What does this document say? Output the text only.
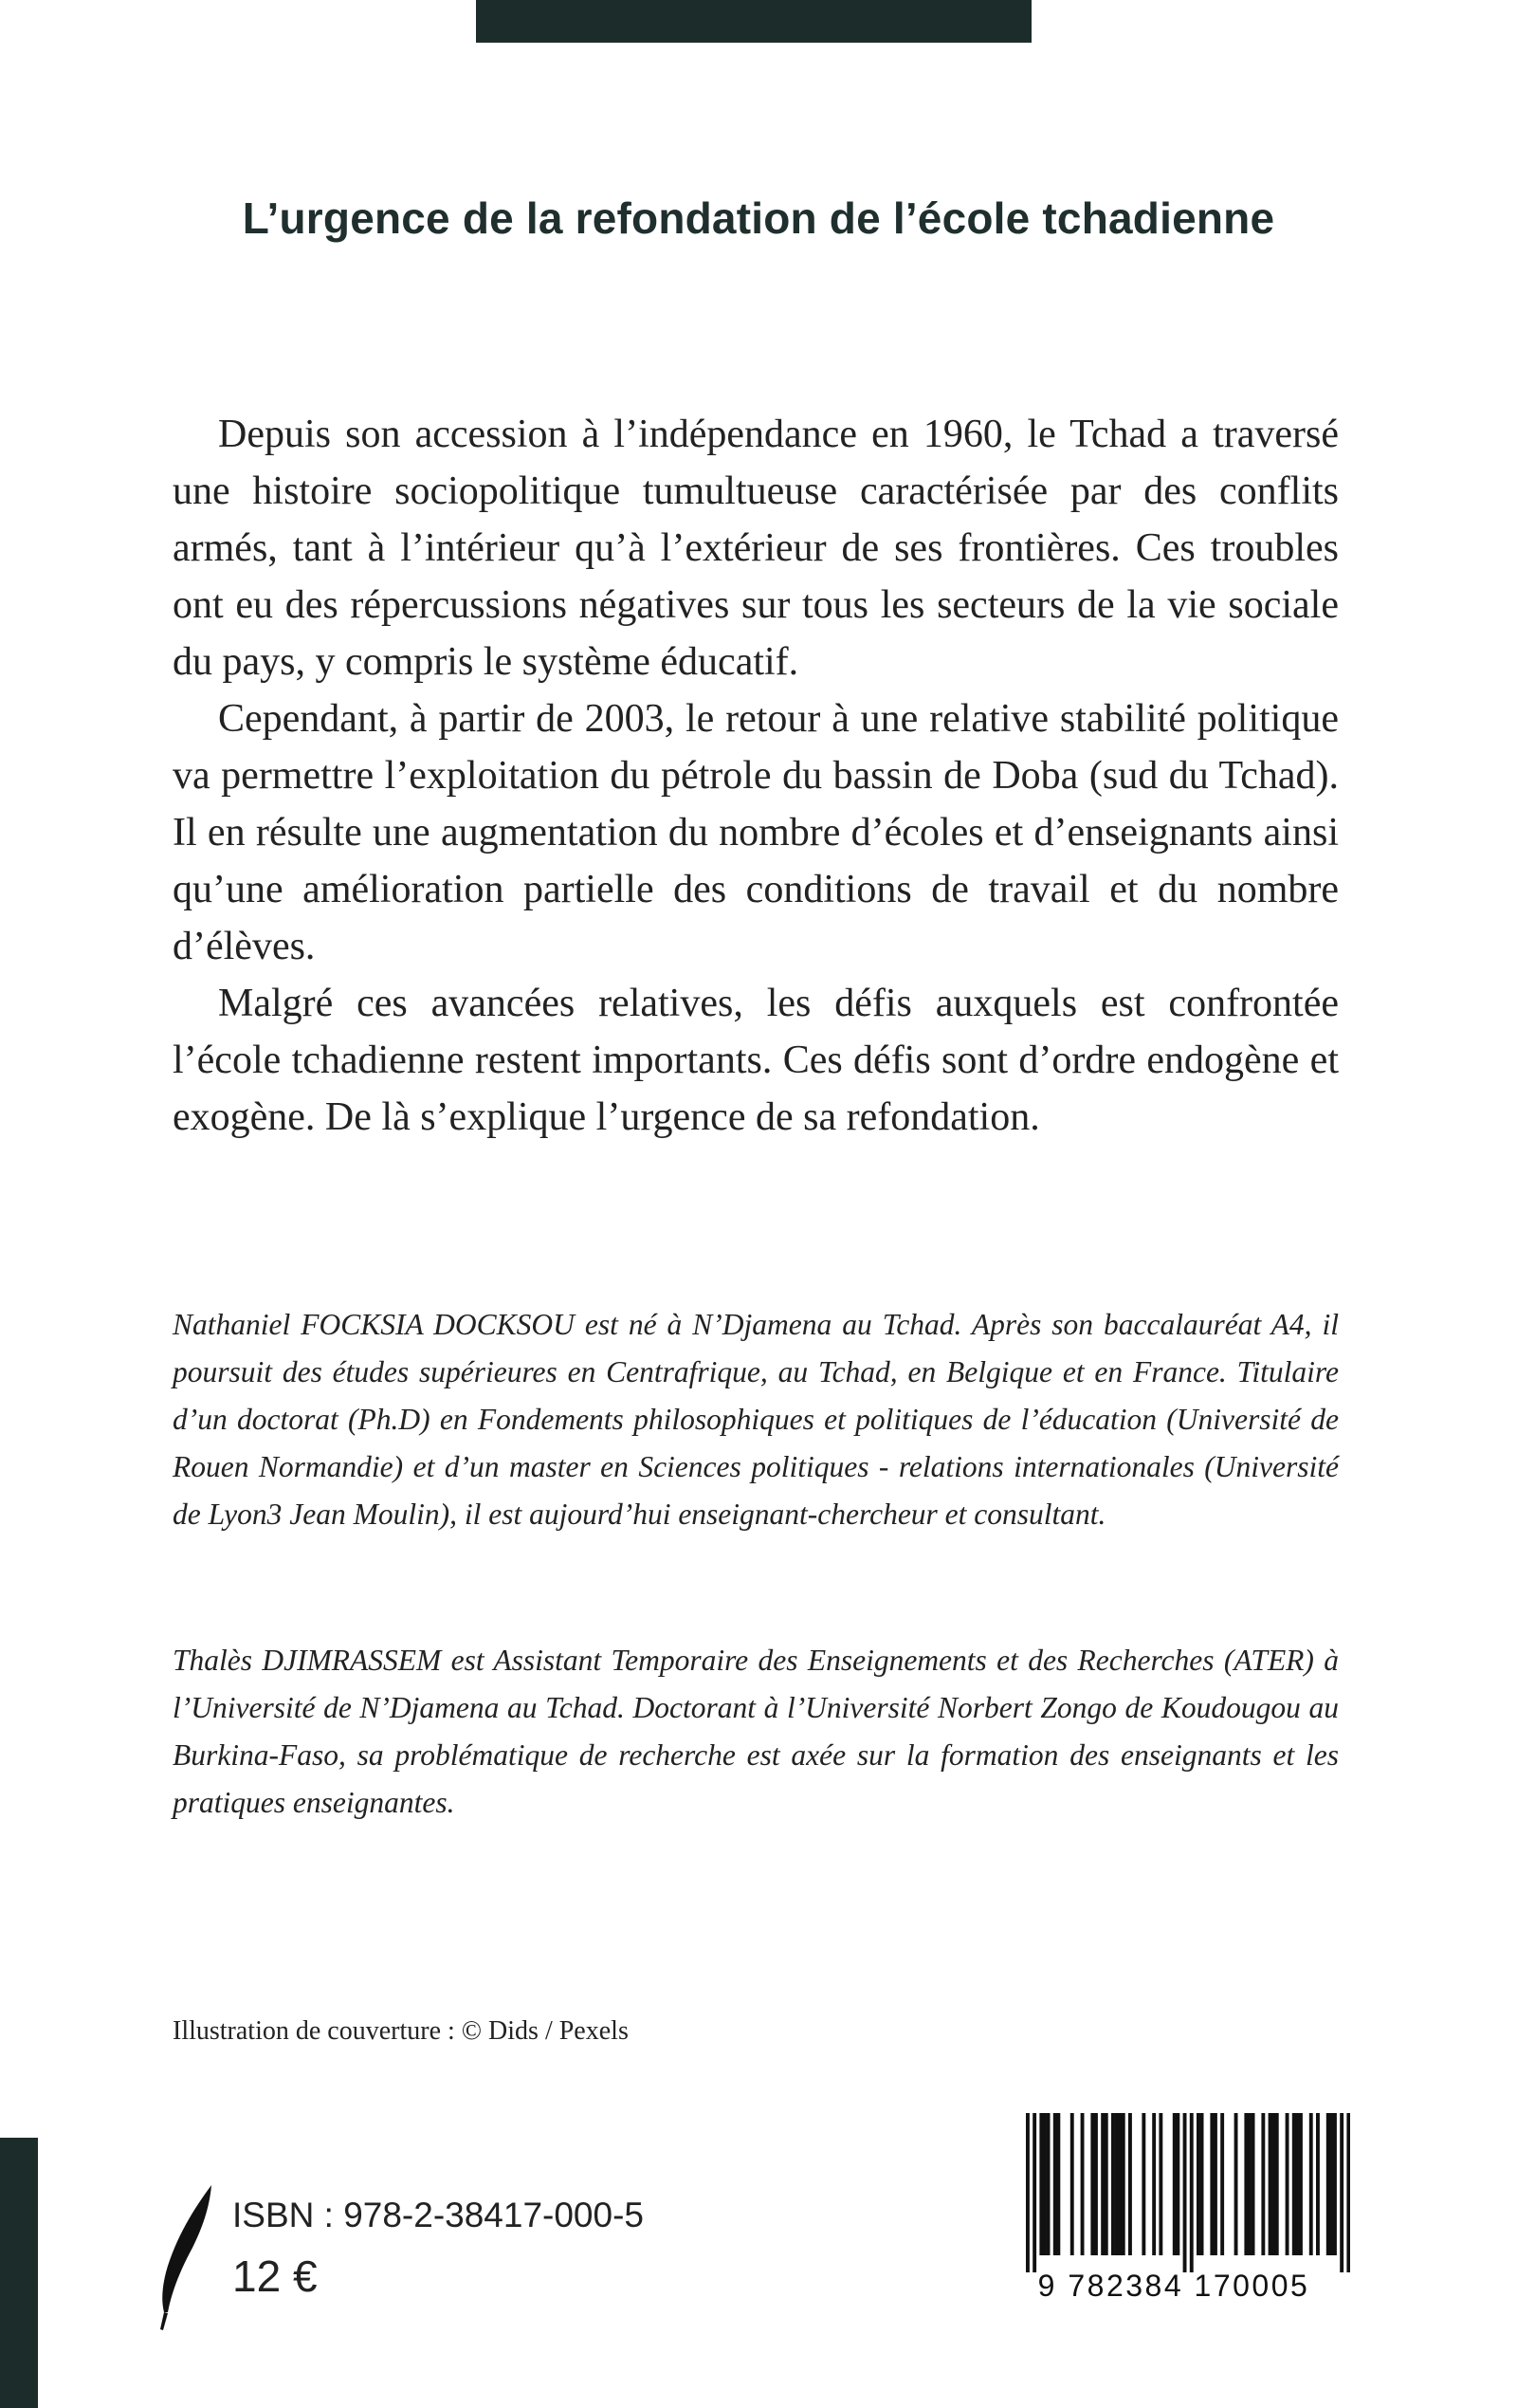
L’urgence de la refondation de l’école tchadienne

Depuis son accession à l’indépendance en 1960, le Tchad a traversé une histoire sociopolitique tumultueuse caractérisée par des conflits armés, tant à l’intérieur qu’à l’extérieur de ses frontières. Ces troubles ont eu des répercussions négatives sur tous les secteurs de la vie sociale du pays, y compris le système éducatif.

Cependant, à partir de 2003, le retour à une relative stabilité politique va permettre l’exploitation du pétrole du bassin de Doba (sud du Tchad). Il en résulte une augmentation du nombre d’écoles et d’enseignants ainsi qu’une amélioration partielle des conditions de travail et du nombre d’élèves.

Malgré ces avancées relatives, les défis auxquels est confrontée l’école tchadienne restent importants. Ces défis sont d’ordre endogène et exogène. De là s’explique l’urgence de sa refondation.

Nathaniel FOCKSIA DOCKSOU est né à N’Djamena au Tchad. Après son baccalauréat A4, il poursuit des études supérieures en Centrafrique, au Tchad, en Belgique et en France. Titulaire d’un doctorat (Ph.D) en Fondements philosophiques et politiques de l’éducation (Université de Rouen Normandie) et d’un master en Sciences politiques - relations internationales (Université de Lyon3 Jean Moulin), il est aujourd’hui enseignant-chercheur et consultant.

Thalès DJIMRASSEM est Assistant Temporaire des Enseignements et des Recherches (ATER) à l’Université de N’Djamena au Tchad. Doctorant à l’Université Norbert Zongo de Koudougou au Burkina-Faso, sa problématique de recherche est axée sur la formation des enseignants et les pratiques enseignantes.

Illustration de couverture : © Dids / Pexels

ISBN : 978-2-38417-000-5

12 €	9 782384 170005
